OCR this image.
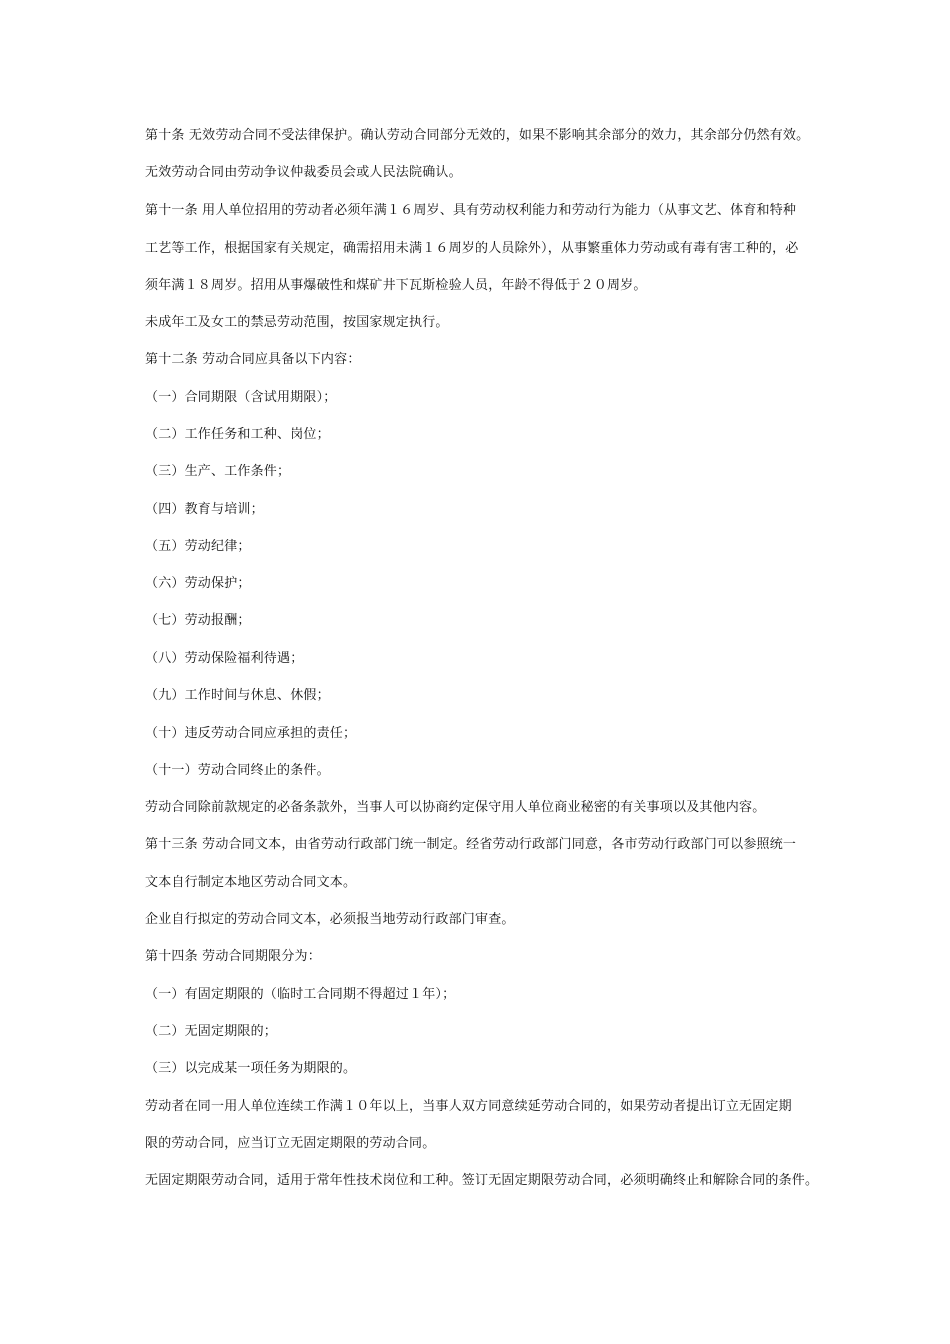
第十条 无效劳动合同不受法律保护。确认劳动合同部分无效的，如果不影响其余部分的效力，其余部分仍然有效。
无效劳动合同由劳动争议仲裁委员会或人民法院确认。
第十一条 用人单位招用的劳动者必须年满１６周岁、具有劳动权利能力和劳动行为能力（从事文艺、体育和特种
工艺等工作，根据国家有关规定，确需招用未满１６周岁的人员除外），从事繁重体力劳动或有毒有害工种的，必
须年满１８周岁。招用从事爆破性和煤矿井下瓦斯检验人员，年龄不得低于２０周岁。
未成年工及女工的禁忌劳动范围，按国家规定执行。
第十二条 劳动合同应具备以下内容：
（一）合同期限（含试用期限）；
（二）工作任务和工种、岗位；
（三）生产、工作条件；
（四）教育与培训；
（五）劳动纪律；
（六）劳动保护；
（七）劳动报酬；
（八）劳动保险福利待遇；
（九）工作时间与休息、休假；
（十）违反劳动合同应承担的责任；
（十一）劳动合同终止的条件。
劳动合同除前款规定的必备条款外，当事人可以协商约定保守用人单位商业秘密的有关事项以及其他内容。
第十三条 劳动合同文本，由省劳动行政部门统一制定。经省劳动行政部门同意，各市劳动行政部门可以参照统一
文本自行制定本地区劳动合同文本。
企业自行拟定的劳动合同文本，必须报当地劳动行政部门审查。
第十四条 劳动合同期限分为：
（一）有固定期限的（临时工合同期不得超过１年）；
（二）无固定期限的；
（三）以完成某一项任务为期限的。
劳动者在同一用人单位连续工作满１０年以上，当事人双方同意续延劳动合同的，如果劳动者提出订立无固定期
限的劳动合同，应当订立无固定期限的劳动合同。
无固定期限劳动合同，适用于常年性技术岗位和工种。签订无固定期限劳动合同，必须明确终止和解除合同的条件。
